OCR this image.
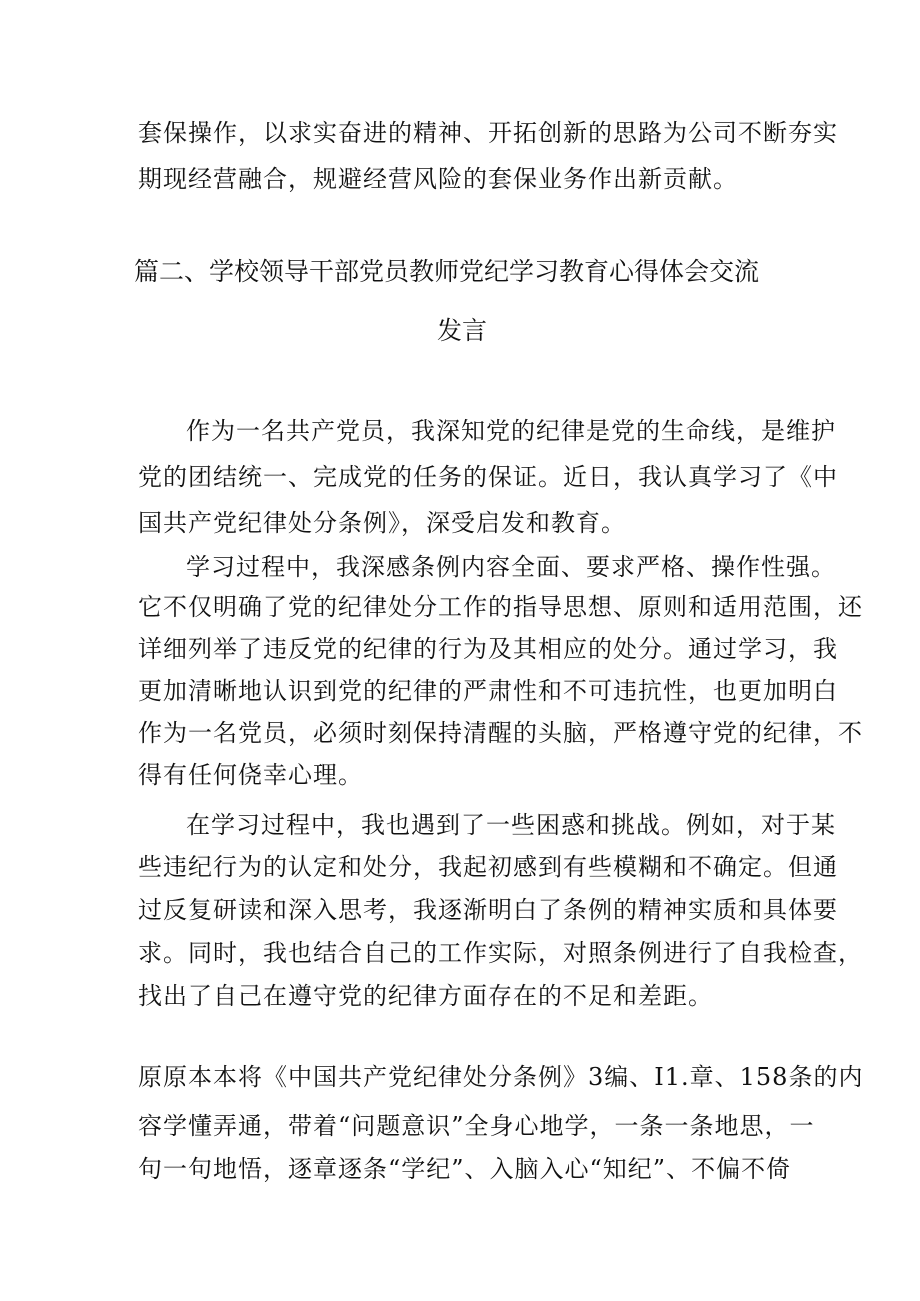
套保操作，以求实奋进的精神、开拓创新的思路为公司不断夯实
期现经营融合，规避经营风险的套保业务作出新贡献。
篇二、学校领导干部党员教师党纪学习教育心得体会交流
发言
作为一名共产党员，我深知党的纪律是党的生命线，是维护
党的团结统一、完成党的任务的保证。近日，我认真学习了《中
国共产党纪律处分条例》，深受启发和教育。
学习过程中，我深感条例内容全面、要求严格、操作性强。
它不仅明确了党的纪律处分工作的指导思想、原则和适用范围，还
详细列举了违反党的纪律的行为及其相应的处分。通过学习，我
更加清晰地认识到党的纪律的严肃性和不可违抗性，也更加明白
作为一名党员，必须时刻保持清醒的头脑，严格遵守党的纪律，不
得有任何侥幸心理。
在学习过程中，我也遇到了一些困惑和挑战。例如，对于某
些违纪行为的认定和处分，我起初感到有些模糊和不确定。但通
过反复研读和深入思考，我逐渐明白了条例的精神实质和具体要
求。同时，我也结合自己的工作实际，对照条例进行了自我检查，
找出了自己在遵守党的纪律方面存在的不足和差距。
原原本本将《中国共产党纪律处分条例》3编、I1.章、158条的内
容学懂弄通，带着“问题意识”全身心地学，一条一条地思，一
句一句地悟，逐章逐条“学纪”、入脑入心“知纪”、不偏不倚
